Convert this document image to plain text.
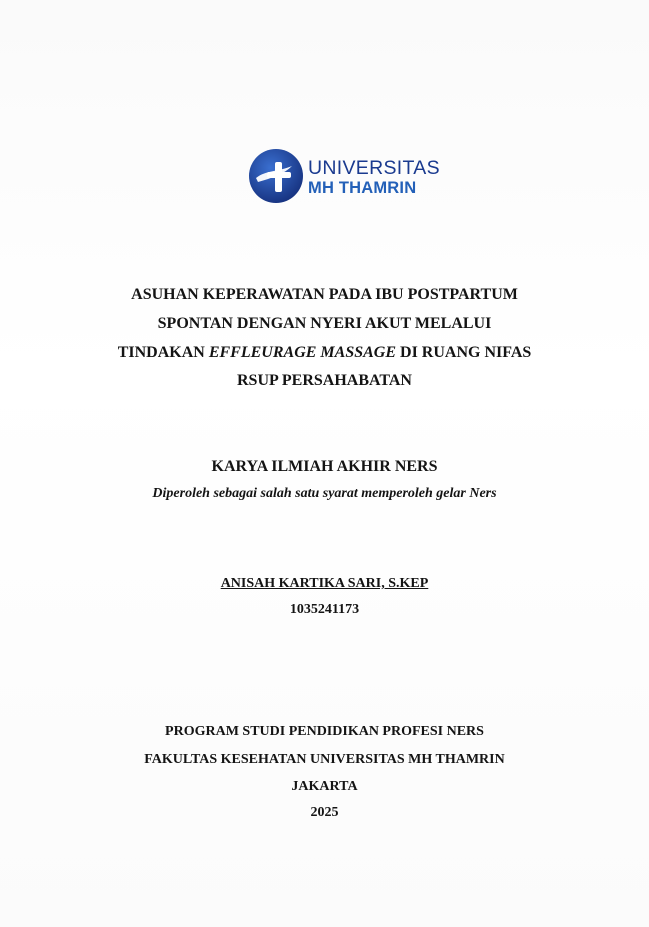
UNIVERSITAS
MH THAMRIN
ASUHAN KEPERAWATAN PADA IBU POSTPARTUM
SPONTAN DENGAN NYERI AKUT MELALUI
TINDAKAN EFFLEURAGE MASSAGE DI RUANG NIFAS
RSUP PERSAHABATAN
KARYA ILMIAH AKHIR NERS
Diperoleh sebagai salah satu syarat memperoleh gelar Ners
ANISAH KARTIKA SARI, S.KEP
1035241173
PROGRAM STUDI PENDIDIKAN PROFESI NERS
FAKULTAS KESEHATAN UNIVERSITAS MH THAMRIN
JAKARTA
2025
